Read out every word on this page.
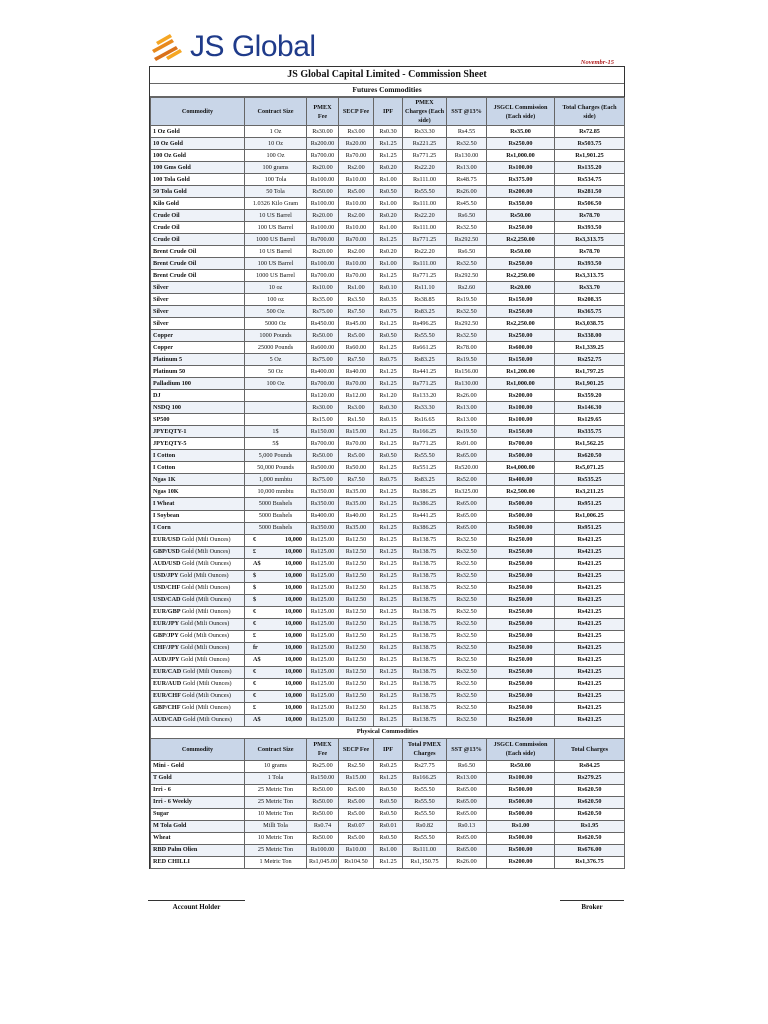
JS Global	Novembr-15
JS Global Capital Limited - Commission Sheet
Futures Commodities
Commodity	Contract Size	PMEX Fee	SECP Fee	IPF	PMEX Charges (Each side)	SST @13%	JSGCL Commission (Each side)	Total Charges (Each side)
1 Oz Gold	1 Oz	Rs30.00	Rs3.00	Rs0.30	Rs33.30	Rs4.55	Rs35.00	Rs72.85
10 Oz Gold	10 Oz	Rs200.00	Rs20.00	Rs1.25	Rs221.25	Rs32.50	Rs250.00	Rs503.75
100 Oz Gold	100 Oz	Rs700.00	Rs70.00	Rs1.25	Rs771.25	Rs130.00	Rs1,000.00	Rs1,901.25
100 Gms Gold	100 grams	Rs20.00	Rs2.00	Rs0.20	Rs22.20	Rs13.00	Rs100.00	Rs135.20
100 Tola Gold	100 Tola	Rs100.00	Rs10.00	Rs1.00	Rs111.00	Rs48.75	Rs375.00	Rs534.75
50 Tola Gold	50 Tola	Rs50.00	Rs5.00	Rs0.50	Rs55.50	Rs26.00	Rs200.00	Rs281.50
Kilo Gold	1.0326 Kilo Gram	Rs100.00	Rs10.00	Rs1.00	Rs111.00	Rs45.50	Rs350.00	Rs506.50
Crude Oil	10 US Barrel	Rs20.00	Rs2.00	Rs0.20	Rs22.20	Rs6.50	Rs50.00	Rs78.70
Crude Oil	100 US Barrel	Rs100.00	Rs10.00	Rs1.00	Rs111.00	Rs32.50	Rs250.00	Rs393.50
Crude Oil	1000 US Barrel	Rs700.00	Rs70.00	Rs1.25	Rs771.25	Rs292.50	Rs2,250.00	Rs3,313.75
Brent Crude Oil	10 US Barrel	Rs20.00	Rs2.00	Rs0.20	Rs22.20	Rs6.50	Rs50.00	Rs78.70
Brent Crude Oil	100 US Barrel	Rs100.00	Rs10.00	Rs1.00	Rs111.00	Rs32.50	Rs250.00	Rs393.50
Brent Crude Oil	1000 US Barrel	Rs700.00	Rs70.00	Rs1.25	Rs771.25	Rs292.50	Rs2,250.00	Rs3,313.75
Silver	10 oz	Rs10.00	Rs1.00	Rs0.10	Rs11.10	Rs2.60	Rs20.00	Rs33.70
Silver	100 oz	Rs35.00	Rs3.50	Rs0.35	Rs38.85	Rs19.50	Rs150.00	Rs208.35
Silver	500 Oz	Rs75.00	Rs7.50	Rs0.75	Rs83.25	Rs32.50	Rs250.00	Rs365.75
Silver	5000 Oz	Rs450.00	Rs45.00	Rs1.25	Rs496.25	Rs292.50	Rs2,250.00	Rs3,038.75
Copper	1000 Pounds	Rs50.00	Rs5.00	Rs0.50	Rs55.50	Rs32.50	Rs250.00	Rs338.00
Copper	25000 Pounds	Rs600.00	Rs60.00	Rs1.25	Rs661.25	Rs78.00	Rs600.00	Rs1,339.25
Platinum 5	5 Oz	Rs75.00	Rs7.50	Rs0.75	Rs83.25	Rs19.50	Rs150.00	Rs252.75
Platinum 50	50 Oz	Rs400.00	Rs40.00	Rs1.25	Rs441.25	Rs156.00	Rs1,200.00	Rs1,797.25
Palladium 100	100 Oz	Rs700.00	Rs70.00	Rs1.25	Rs771.25	Rs130.00	Rs1,000.00	Rs1,901.25
DJ		Rs120.00	Rs12.00	Rs1.20	Rs133.20	Rs26.00	Rs200.00	Rs359.20
NSDQ 100		Rs30.00	Rs3.00	Rs0.30	Rs33.30	Rs13.00	Rs100.00	Rs146.30
SP500		Rs15.00	Rs1.50	Rs0.15	Rs16.65	Rs13.00	Rs100.00	Rs129.65
JPYEQTY-1	1$	Rs150.00	Rs15.00	Rs1.25	Rs166.25	Rs19.50	Rs150.00	Rs335.75
JPYEQTY-5	5$	Rs700.00	Rs70.00	Rs1.25	Rs771.25	Rs91.00	Rs700.00	Rs1,562.25
I Cotton	5,000 Pounds	Rs50.00	Rs5.00	Rs0.50	Rs55.50	Rs65.00	Rs500.00	Rs620.50
I Cotton	50,000 Pounds	Rs500.00	Rs50.00	Rs1.25	Rs551.25	Rs520.00	Rs4,000.00	Rs5,071.25
Ngas 1K	1,000 mmbtu	Rs75.00	Rs7.50	Rs0.75	Rs83.25	Rs52.00	Rs400.00	Rs535.25
Ngas 10K	10,000 mmbtu	Rs350.00	Rs35.00	Rs1.25	Rs386.25	Rs325.00	Rs2,500.00	Rs3,211.25
I Wheat	5000 Bushels	Rs350.00	Rs35.00	Rs1.25	Rs386.25	Rs65.00	Rs500.00	Rs951.25
I Soybean	5000 Bushels	Rs400.00	Rs40.00	Rs1.25	Rs441.25	Rs65.00	Rs500.00	Rs1,006.25
I Corn	5000 Bushels	Rs350.00	Rs35.00	Rs1.25	Rs386.25	Rs65.00	Rs500.00	Rs951.25
EUR/USD Gold (Mili Ounces)	€ 10,000	Rs125.00	Rs12.50	Rs1.25	Rs138.75	Rs32.50	Rs250.00	Rs421.25
GBP/USD Gold (Mili Ounces)	£ 10,000	Rs125.00	Rs12.50	Rs1.25	Rs138.75	Rs32.50	Rs250.00	Rs421.25
AUD/USD Gold (Mili Ounces)	A$ 10,000	Rs125.00	Rs12.50	Rs1.25	Rs138.75	Rs32.50	Rs250.00	Rs421.25
USD/JPY Gold (Mili Ounces)	$ 10,000	Rs125.00	Rs12.50	Rs1.25	Rs138.75	Rs32.50	Rs250.00	Rs421.25
USD/CHF Gold (Mili Ounces)	$ 10,000	Rs125.00	Rs12.50	Rs1.25	Rs138.75	Rs32.50	Rs250.00	Rs421.25
USD/CAD Gold (Mili Ounces)	$ 10,000	Rs125.00	Rs12.50	Rs1.25	Rs138.75	Rs32.50	Rs250.00	Rs421.25
EUR/GBP Gold (Mili Ounces)	€ 10,000	Rs125.00	Rs12.50	Rs1.25	Rs138.75	Rs32.50	Rs250.00	Rs421.25
EUR/JPY Gold (Mili Ounces)	€ 10,000	Rs125.00	Rs12.50	Rs1.25	Rs138.75	Rs32.50	Rs250.00	Rs421.25
GBP/JPY Gold (Mili Ounces)	£ 10,000	Rs125.00	Rs12.50	Rs1.25	Rs138.75	Rs32.50	Rs250.00	Rs421.25
CHF/JPY Gold (Mili Ounces)	fr 10,000	Rs125.00	Rs12.50	Rs1.25	Rs138.75	Rs32.50	Rs250.00	Rs421.25
AUD/JPY Gold (Mili Ounces)	A$ 10,000	Rs125.00	Rs12.50	Rs1.25	Rs138.75	Rs32.50	Rs250.00	Rs421.25
EUR/CAD Gold (Mili Ounces)	€ 10,000	Rs125.00	Rs12.50	Rs1.25	Rs138.75	Rs32.50	Rs250.00	Rs421.25
EUR/AUD Gold (Mili Ounces)	€ 10,000	Rs125.00	Rs12.50	Rs1.25	Rs138.75	Rs32.50	Rs250.00	Rs421.25
EUR/CHF Gold (Mili Ounces)	€ 10,000	Rs125.00	Rs12.50	Rs1.25	Rs138.75	Rs32.50	Rs250.00	Rs421.25
GBP/CHF Gold (Mili Ounces)	£ 10,000	Rs125.00	Rs12.50	Rs1.25	Rs138.75	Rs32.50	Rs250.00	Rs421.25
AUD/CAD Gold (Mili Ounces)	A$ 10,000	Rs125.00	Rs12.50	Rs1.25	Rs138.75	Rs32.50	Rs250.00	Rs421.25
Physical Commodities								
Commodity	Contract Size	PMEX Fee	SECP Fee	IPF	Total PMEX Charges	SST @13%	JSGCL Commission (Each side)	Total Charges
Mini - Gold	10 grams	Rs25.00	Rs2.50	Rs0.25	Rs27.75	Rs6.50	Rs50.00	Rs84.25
T Gold	1 Tola	Rs150.00	Rs15.00	Rs1.25	Rs166.25	Rs13.00	Rs100.00	Rs279.25
Irri - 6	25 Metric Ton	Rs50.00	Rs5.00	Rs0.50	Rs55.50	Rs65.00	Rs500.00	Rs620.50
Irri - 6 Weekly	25 Metric Ton	Rs50.00	Rs5.00	Rs0.50	Rs55.50	Rs65.00	Rs500.00	Rs620.50
Sugar	10 Metric Ton	Rs50.00	Rs5.00	Rs0.50	Rs55.50	Rs65.00	Rs500.00	Rs620.50
M Tola Gold	Milli Tola	Rs0.74	Rs0.07	Rs0.01	Rs0.82	Rs0.13	Rs1.00	Rs1.95
Wheat	10 Metric Ton	Rs50.00	Rs5.00	Rs0.50	Rs55.50	Rs65.00	Rs500.00	Rs620.50
RBD Palm Olien	25 Metric Ton	Rs100.00	Rs10.00	Rs1.00	Rs111.00	Rs65.00	Rs500.00	Rs676.00
RED CHILLI	1 Metric Ton	Rs1,045.00	Rs104.50	Rs1.25	Rs1,150.75	Rs26.00	Rs200.00	Rs1,376.75
Account Holder	Broker
